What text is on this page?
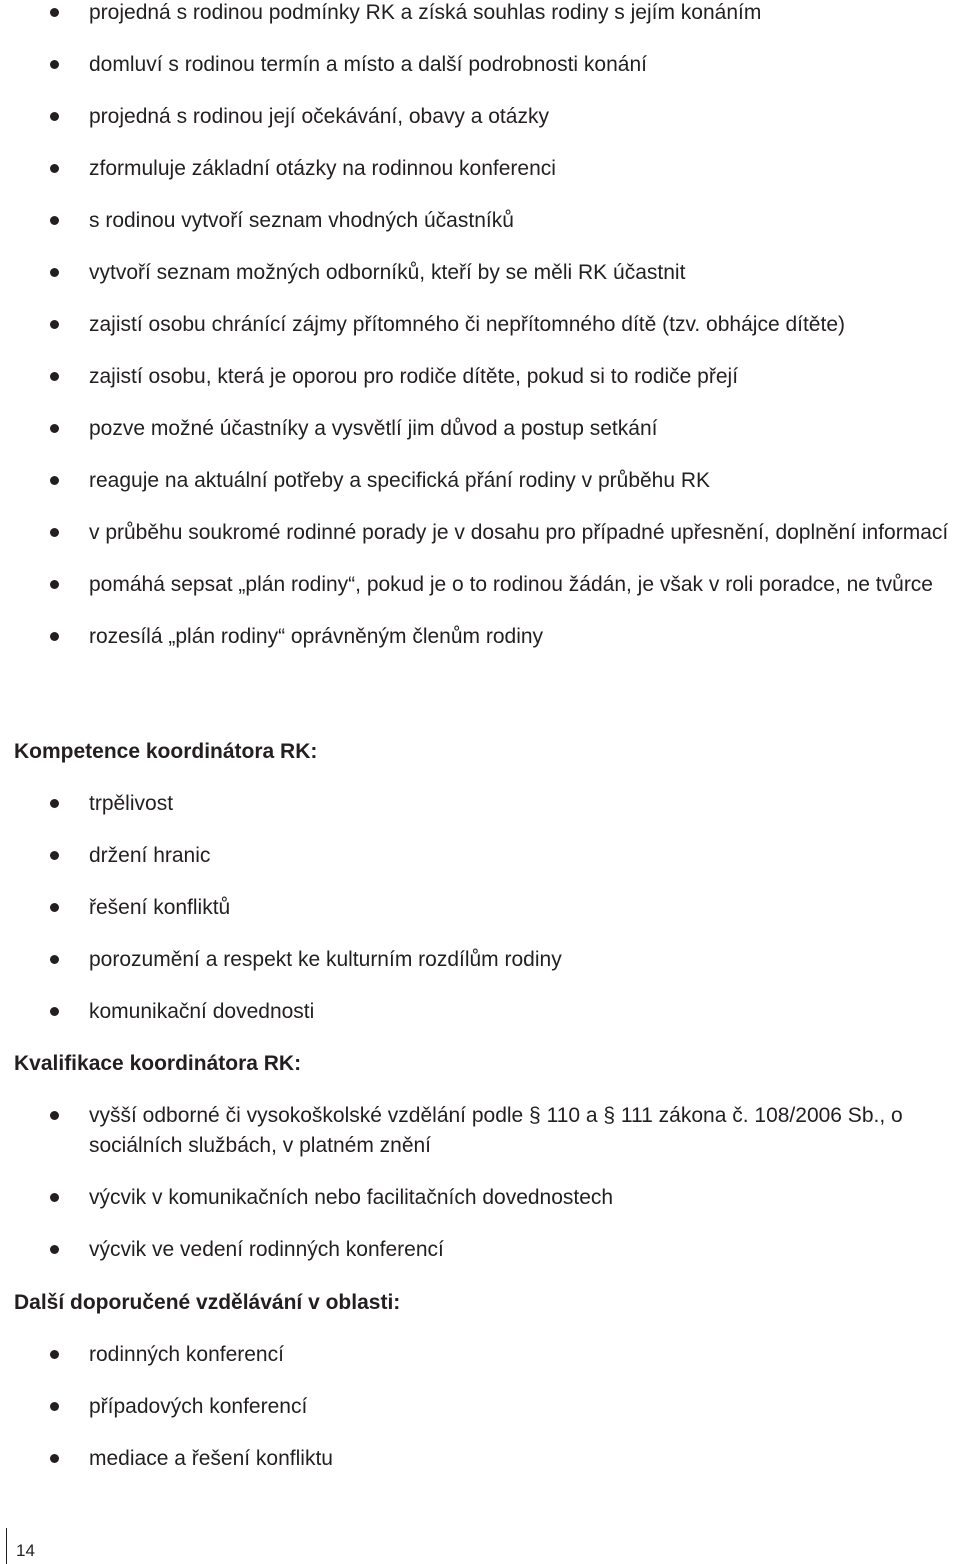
projedná s rodinou podmínky RK a získá souhlas rodiny s jejím konáním
domluví s rodinou termín a místo a další podrobnosti konání
projedná s rodinou její očekávání, obavy a otázky
zformuluje základní otázky na rodinnou konferenci
s rodinou vytvoří seznam vhodných účastníků
vytvoří seznam možných odborníků, kteří by se měli RK účastnit
zajistí osobu chránící zájmy přítomného či nepřítomného dítě (tzv. obhájce dítěte)
zajistí osobu, která je oporou pro rodiče dítěte, pokud si to rodiče přejí
pozve možné účastníky a vysvětlí jim důvod a postup setkání
reaguje na aktuální potřeby a specifická přání rodiny v průběhu RK
v průběhu soukromé rodinné porady je v dosahu pro případné upřesnění, doplnění informací
pomáhá sepsat „plán rodiny“, pokud je o to rodinou žádán, je však v roli poradce, ne tvůrce
rozesílá „plán rodiny“ oprávněným členům rodiny
Kompetence koordinátora RK:
trpělivost
držení hranic
řešení konfliktů
porozumění a respekt ke kulturním rozdílům rodiny
komunikační dovednosti
Kvalifikace koordinátora RK:
vyšší odborné či vysokoškolské vzdělání podle § 110 a § 111 zákona č. 108/2006 Sb., o sociálních službách, v platném znění
výcvik v komunikačních nebo facilitačních dovednostech
výcvik ve vedení rodinných konferencí
Další doporučené vzdělávání v oblasti:
rodinných konferencí
případových konferencí
mediace a řešení konfliktu
14
